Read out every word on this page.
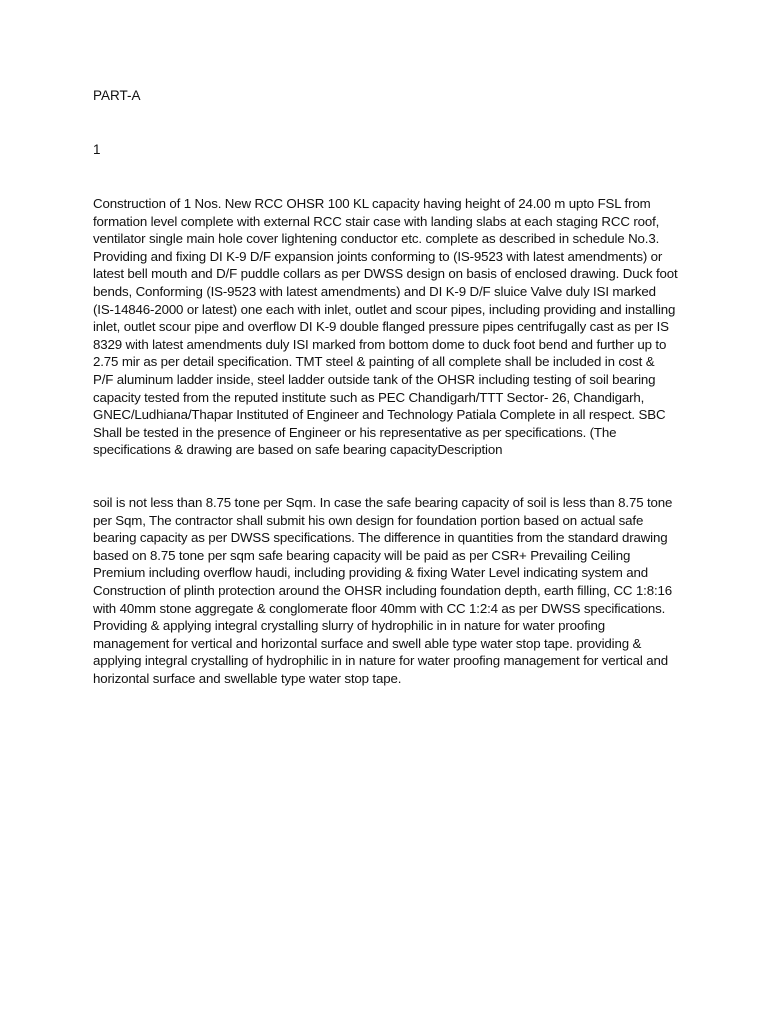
PART-A

1

Construction of 1 Nos. New RCC OHSR 100 KL capacity having height of 24.00 m upto FSL from formation level complete with external RCC stair case with landing slabs at each staging RCC roof, ventilator single main hole cover lightening conductor etc. complete as described in schedule No.3. Providing and fixing DI K-9 D/F expansion joints conforming to (IS-9523 with latest amendments) or latest bell mouth and D/F puddle collars as per DWSS design on basis of enclosed drawing. Duck foot bends, Conforming (IS-9523 with latest amendments) and DI K-9 D/F sluice Valve duly ISI marked (IS-14846-2000 or latest) one each with inlet, outlet and scour pipes, including providing and installing inlet, outlet scour pipe and overflow DI K-9 double flanged pressure pipes centrifugally cast as per IS 8329 with latest amendments duly ISI marked from bottom dome to duck foot bend and further up to 2.75 mir as per detail specification. TMT steel & painting of all complete shall be included in cost & P/F aluminum ladder inside, steel ladder outside tank of the OHSR including testing of soil bearing capacity tested from the reputed institute such as PEC Chandigarh/TTT Sector- 26, Chandigarh, GNEC/Ludhiana/Thapar Instituted of Engineer and Technology Patiala Complete in all respect. SBC Shall be tested in the presence of Engineer or his representative as per specifications. (The specifications & drawing are based on safe bearing capacityDescription

soil is not less than 8.75 tone per Sqm. In case the safe bearing capacity of soil is less than 8.75 tone per Sqm, The contractor shall submit his own design for foundation portion based on actual safe bearing capacity as per DWSS specifications. The difference in quantities from the standard drawing based on 8.75 tone per sqm safe bearing capacity will be paid as per CSR+ Prevailing Ceiling Premium including overflow haudi, including providing & fixing Water Level indicating system and Construction of plinth protection around the OHSR including foundation depth, earth filling, CC 1:8:16 with 40mm stone aggregate & conglomerate floor 40mm with CC 1:2:4 as per DWSS specifications. Providing & applying integral crystalling slurry of hydrophilic in in nature for water proofing management for vertical and horizontal surface and swell able type water stop tape. providing & applying integral crystalling of hydrophilic in in nature for water proofing management for vertical and horizontal surface and swellable type water stop tape.
